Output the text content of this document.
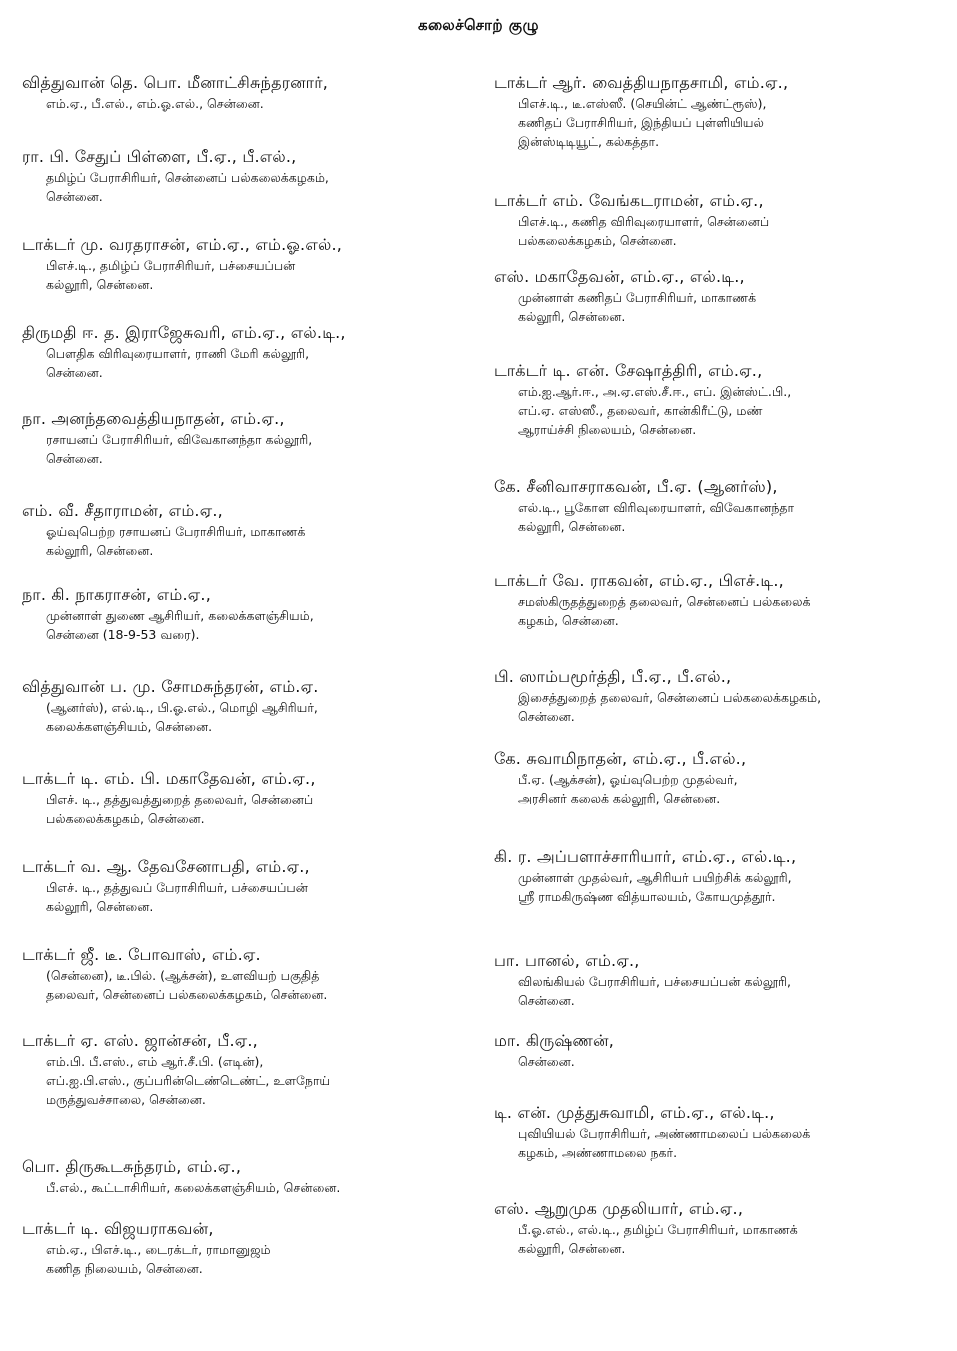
கலைச்சொற் குழு
வித்துவான் தெ. பொ. மீனாட்சிசுந்தரனார்,
எம்.ஏ., பீ.எல்., எம்.ஓ.எல்., சென்னை.
ரா. பி. சேதுப் பிள்ளை, பீ.ஏ., பீ.எல்.,
தமிழ்ப் பேராசிரியர், சென்னைப் பல்கலைக்கழகம்,
சென்னை.
டாக்டர் மு. வரதராசன், எம்.ஏ., எம்.ஓ.எல்.,
பிஎச்.டி., தமிழ்ப் பேராசிரியர், பச்சையப்பன்
கல்லூரி, சென்னை.
திருமதி ஈ. த. இராஜேசுவரி, எம்.ஏ., எல்.டி.,
பௌதிக விரிவுரையாளர், ராணி மேரி கல்லூரி,
சென்னை.
நா. அனந்தவைத்தியநாதன், எம்.ஏ.,
ரசாயனப் பேராசிரியர், விவேகானந்தா கல்லூரி,
சென்னை.
எம். வீ. சீதாராமன், எம்.ஏ.,
ஓய்வுபெற்ற ரசாயனப் பேராசிரியர், மாகாணக்
கல்லூரி, சென்னை.
நா. கி. நாகராசன், எம்.ஏ.,
முன்னாள் துணை ஆசிரியர், கலைக்களஞ்சியம்,
சென்னை (18-9-53 வரை).
வித்துவான் ப. மு. சோமசுந்தரன், எம்.ஏ.
(ஆனர்ஸ்), எல்.டி., பி.ஓ.எல்., மொழி ஆசிரியர்,
கலைக்களஞ்சியம், சென்னை.
டாக்டர் டி. எம். பி. மகாதேவன், எம்.ஏ.,
பிஎச். டி., தத்துவத்துறைத் தலைவர், சென்னைப்
பல்கலைக்கழகம், சென்னை.
டாக்டர் வ. ஆ. தேவசேனாபதி, எம்.ஏ.,
பிஎச். டி., தத்துவப் பேராசிரியர், பச்சையப்பன்
கல்லூரி, சென்னை.
டாக்டர் ஜீ. டீ. போவாஸ், எம்.ஏ.
(சென்னை), டீ.பில். (ஆக்சன்), உளவியற் பகுதித்
தலைவர், சென்னைப் பல்கலைக்கழகம், சென்னை.
டாக்டர் ஏ. எஸ். ஜான்சன், பீ.ஏ.,
எம்.பி. பீ.எஸ்., எம் ஆர்.சீ.பி. (எடின்),
எப்.ஐ.பி.எஸ்., குப்பரின்டெண்டெண்ட், உளநோய்
மருத்துவச்சாலை, சென்னை.
பொ. திருகூடசுந்தரம், எம்.ஏ.,
பீ.எல்., கூட்டாசிரியர், கலைக்களஞ்சியம், சென்னை.
டாக்டர் டி. விஜயராகவன்,
எம்.ஏ., பிஎச்.டி., டைரக்டர், ராமானுஜம்
கணித நிலையம், சென்னை.
டாக்டர் ஆர். வைத்தியநாதசாமி, எம்.ஏ.,
பிஎச்.டி., டீ.எஸ்ஸீ. (செயின்ட் ஆண்ட்ரூஸ்),
கணிதப் பேராசிரியர், இந்தியப் புள்ளியியல்
இன்ஸ்டிடியூட், கல்கத்தா.
டாக்டர் எம். வேங்கடராமன், எம்.ஏ.,
பிஎச்.டி., கணித விரிவுரையாளர், சென்னைப்
பல்கலைக்கழகம், சென்னை.
எஸ். மகாதேவன், எம்.ஏ., எல்.டி.,
முன்னாள் கணிதப் பேராசிரியர், மாகாணக்
கல்லூரி, சென்னை.
டாக்டர் டி. என். சேஷாத்திரி, எம்.ஏ.,
எம்.ஐ.ஆர்.ஈ., அ.ஏ.எஸ்.சீ.ஈ., எப். இன்ஸ்ட்.பி.,
எப்.ஏ. எஸ்ஸீ., தலைவர், கான்கிரீட்டு, மண்
ஆராய்ச்சி நிலையம், சென்னை.
கே. சீனிவாசராகவன், பீ.ஏ. (ஆனர்ஸ்),
எல்.டி., பூகோள விரிவுரையாளர், விவேகானந்தா
கல்லூரி, சென்னை.
டாக்டர் வே. ராகவன், எம்.ஏ., பிஎச்.டி.,
சமஸ்கிருதத்துறைத் தலைவர், சென்னைப் பல்கலைக்
கழகம், சென்னை.
பி. ஸாம்பமூர்த்தி, பீ.ஏ., பீ.எல்.,
இசைத்துறைத் தலைவர், சென்னைப் பல்கலைக்கழகம்,
சென்னை.
கே. சுவாமிநாதன், எம்.ஏ., பீ.எல்.,
பீ.ஏ. (ஆக்சன்), ஓய்வுபெற்ற முதல்வர்,
அரசினர் கலைக் கல்லூரி, சென்னை.
கி. ர. அப்பளாச்சாரியார், எம்.ஏ., எல்.டி.,
முன்னாள் முதல்வர், ஆசிரியர் பயிற்சிக் கல்லூரி,
ஸ்ரீ ராமகிருஷ்ண வித்யாலயம், கோயமுத்தூர்.
பா. பானல், எம்.ஏ.,
விலங்கியல் பேராசிரியர், பச்சையப்பன் கல்லூரி,
சென்னை.
மா. கிருஷ்ணன்,
சென்னை.
டி. என். முத்துசுவாமி, எம்.ஏ., எல்.டி.,
புவியியல் பேராசிரியர், அண்ணாமலைப் பல்கலைக்
கழகம், அண்ணாமலை நகர்.
எஸ். ஆறுமுக முதலியார், எம்.ஏ.,
பீ.ஓ.எல்., எல்.டி., தமிழ்ப் பேராசிரியர், மாகாணக்
கல்லூரி, சென்னை.
